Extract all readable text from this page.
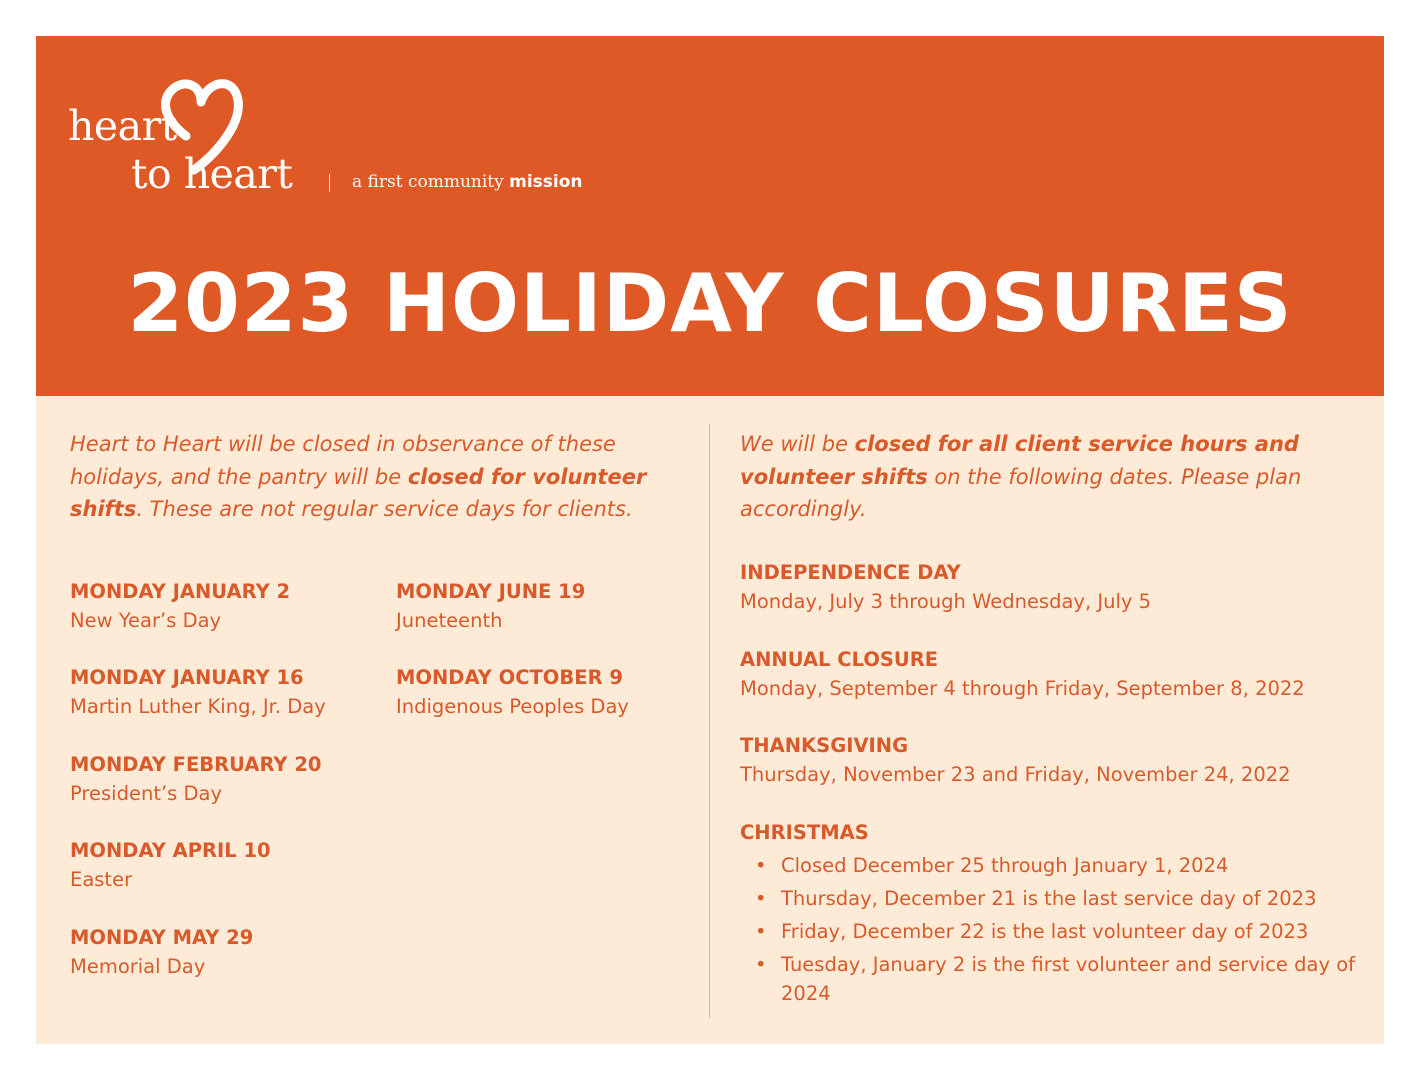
heart
to heart	a first community mission
2023 HOLIDAY CLOSURES

Heart to Heart will be closed in observance of these holidays, and the pantry will be closed for volunteer shifts. These are not regular service days for clients.

MONDAY JANUARY 2
New Year’s Day
MONDAY JANUARY 16
Martin Luther King, Jr. Day
MONDAY FEBRUARY 20
President’s Day
MONDAY APRIL 10
Easter
MONDAY MAY 29
Memorial Day
MONDAY JUNE 19
Juneteenth
MONDAY OCTOBER 9
Indigenous Peoples Day

We will be closed for all client service hours and volunteer shifts on the following dates. Please plan accordingly.

INDEPENDENCE DAY
Monday, July 3 through Wednesday, July 5
ANNUAL CLOSURE
Monday, September 4 through Friday, September 8, 2022
THANKSGIVING
Thursday, November 23 and Friday, November 24, 2022
CHRISTMAS
• Closed December 25 through January 1, 2024
• Thursday, December 21 is the last service day of 2023
• Friday, December 22 is the last volunteer day of 2023
• Tuesday, January 2 is the first volunteer and service day of 2024
